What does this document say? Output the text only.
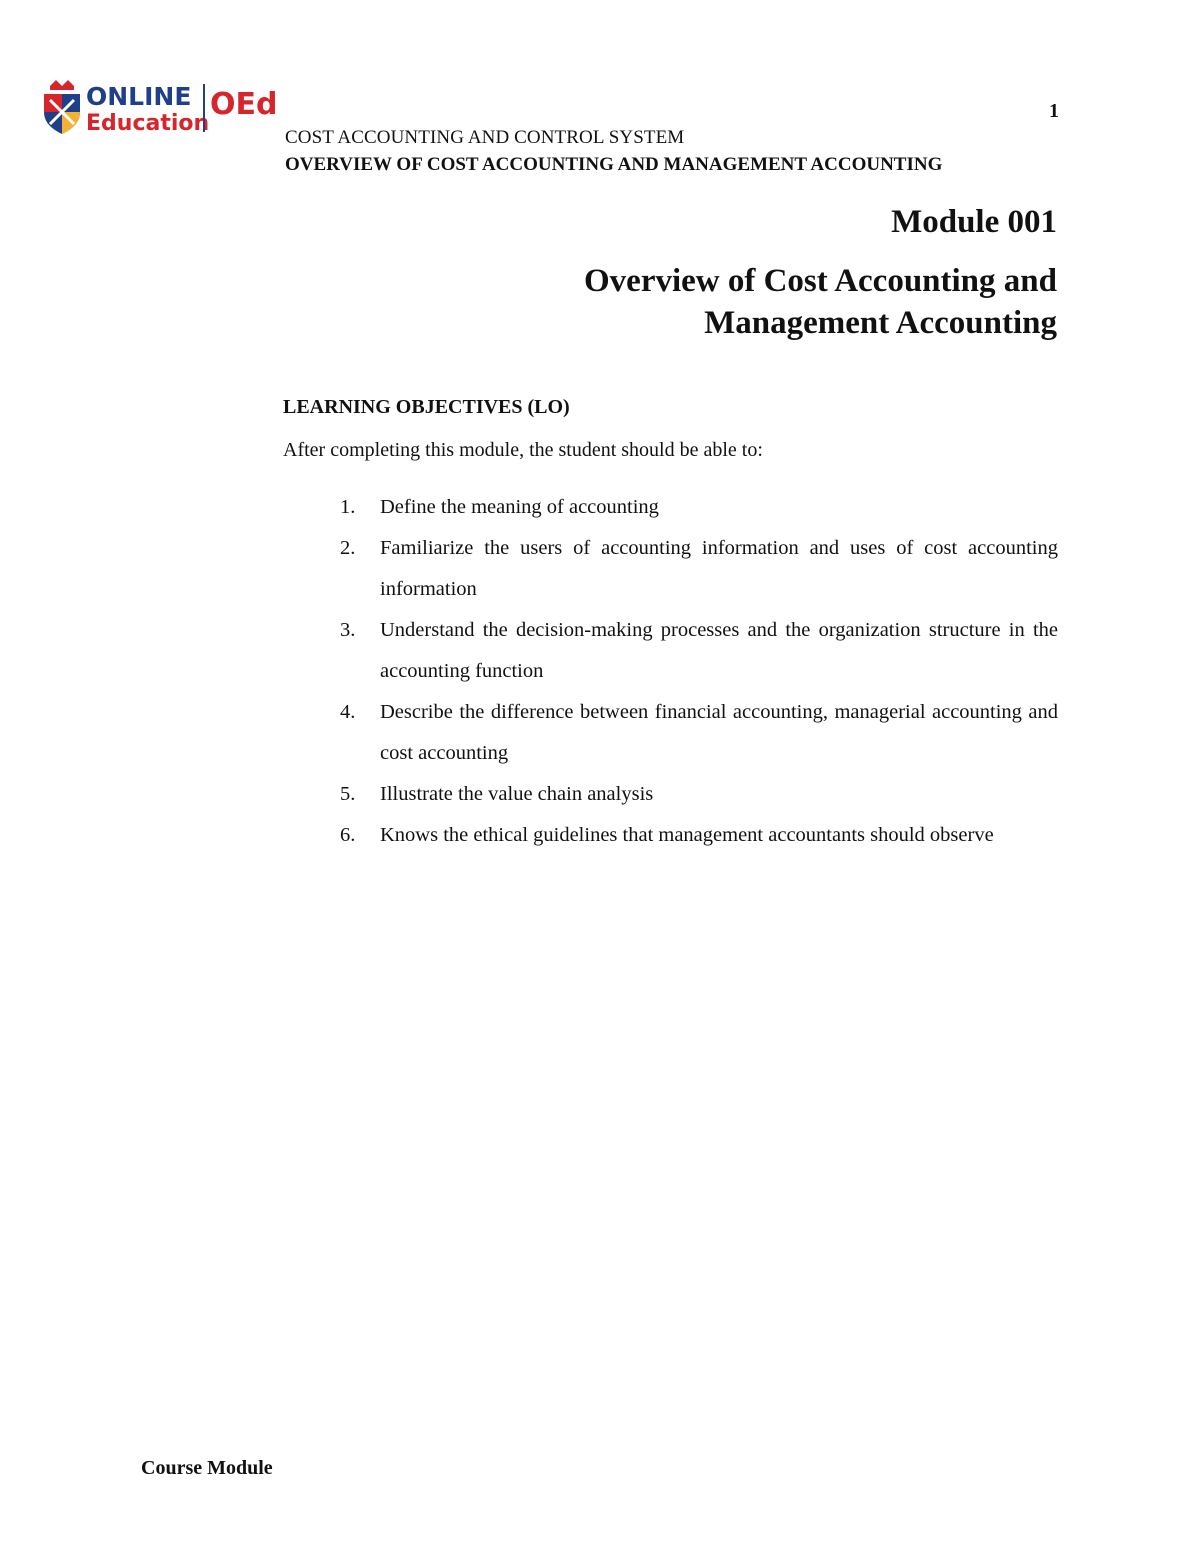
ONLINE
Education
OEd	1
COST ACCOUNTING AND CONTROL SYSTEM
OVERVIEW OF COST ACCOUNTING AND MANAGEMENT ACCOUNTING
Module 001
Overview of Cost Accounting and
Management Accounting
LEARNING OBJECTIVES (LO)
After completing this module, the student should be able to:
1.	Define the meaning of accounting
2.	Familiarize the users of accounting information and uses of cost accounting information
3.	Understand the decision-making processes and the organization structure in the accounting function
4.	Describe the difference between financial accounting, managerial accounting and cost accounting
5.	Illustrate the value chain analysis
6.	Knows the ethical guidelines that management accountants should observe
Course Module
